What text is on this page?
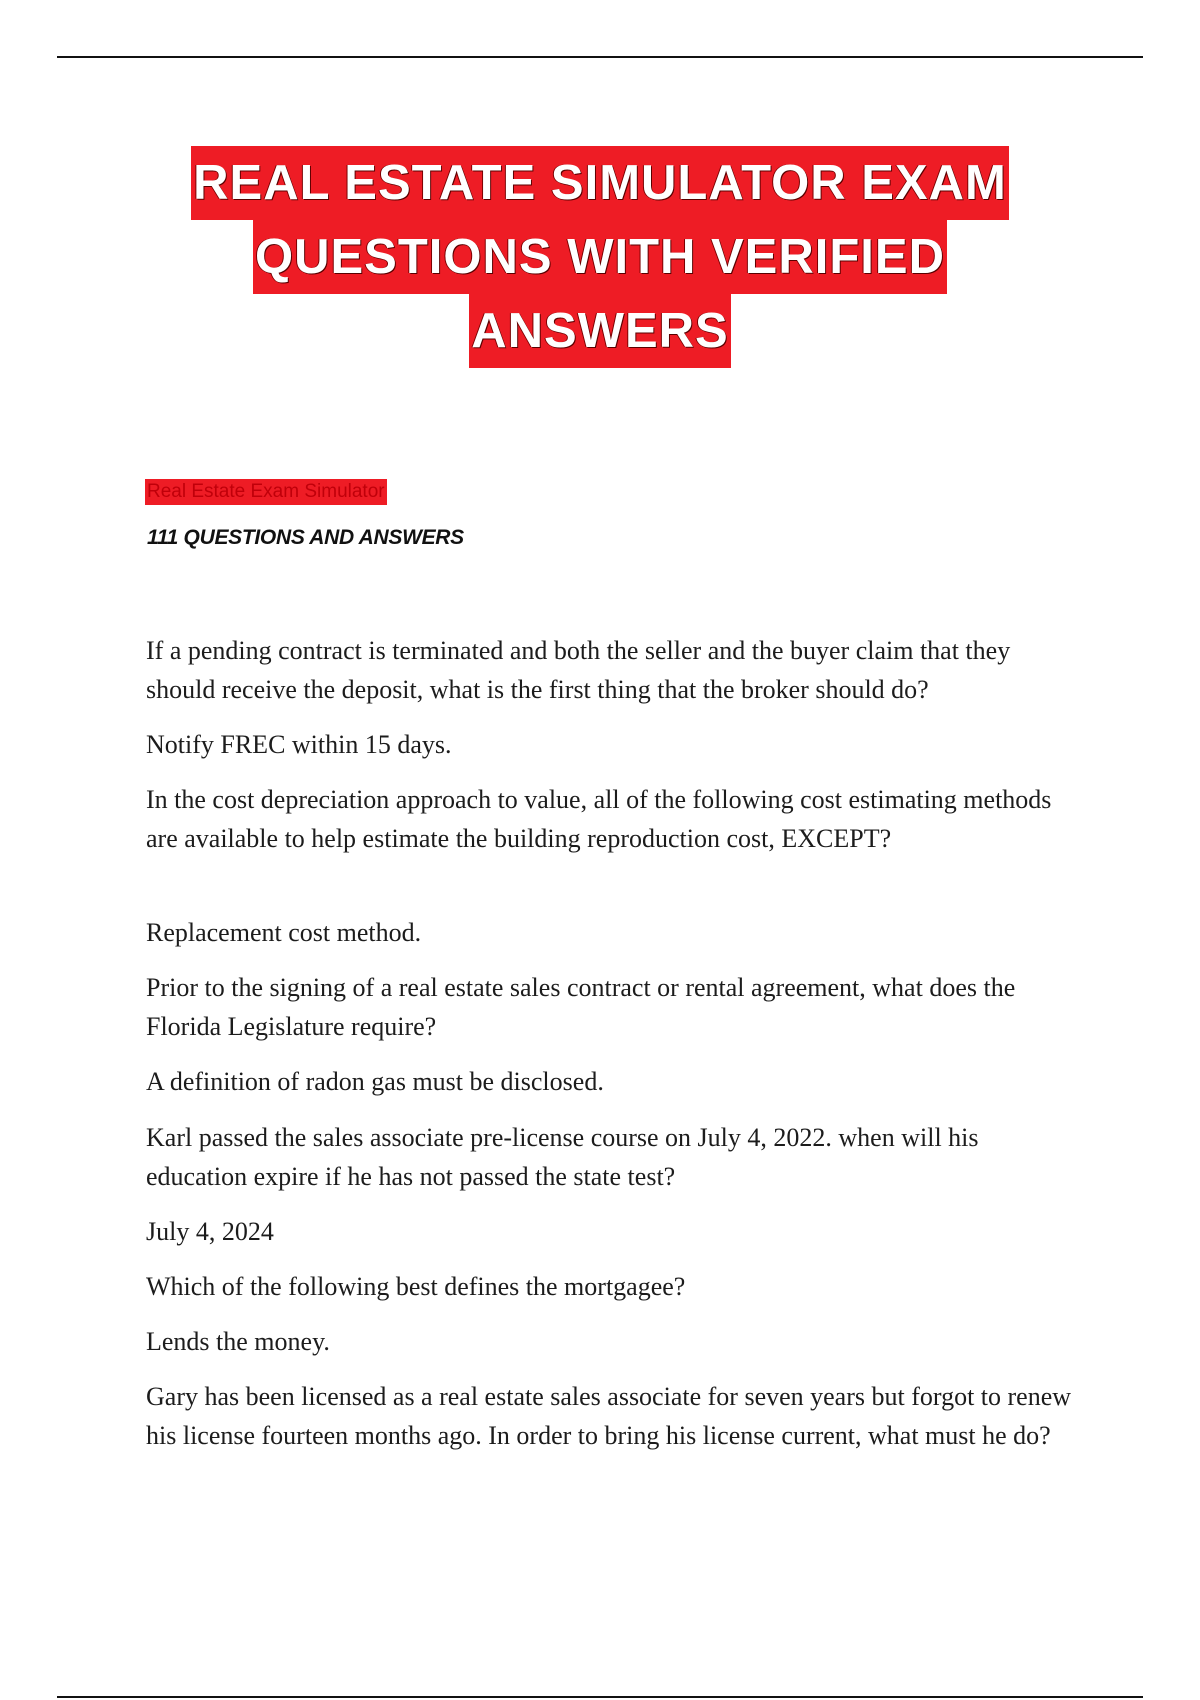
REAL ESTATE SIMULATOR EXAM
QUESTIONS WITH VERIFIED
ANSWERS
Real Estate Exam Simulator
111 QUESTIONS AND ANSWERS

If a pending contract is terminated and both the seller and the buyer claim that they should receive the deposit, what is the first thing that the broker should do?

Notify FREC within 15 days.

In the cost depreciation approach to value, all of the following cost estimating methods are available to help estimate the building reproduction cost, EXCEPT?

Replacement cost method.

Prior to the signing of a real estate sales contract or rental agreement, what does the Florida Legislature require?

A definition of radon gas must be disclosed.

Karl passed the sales associate pre-license course on July 4, 2022. when will his education expire if he has not passed the state test?

July 4, 2024

Which of the following best defines the mortgagee?

Lends the money.

Gary has been licensed as a real estate sales associate for seven years but forgot to renew his license fourteen months ago. In order to bring his license current, what must he do?
